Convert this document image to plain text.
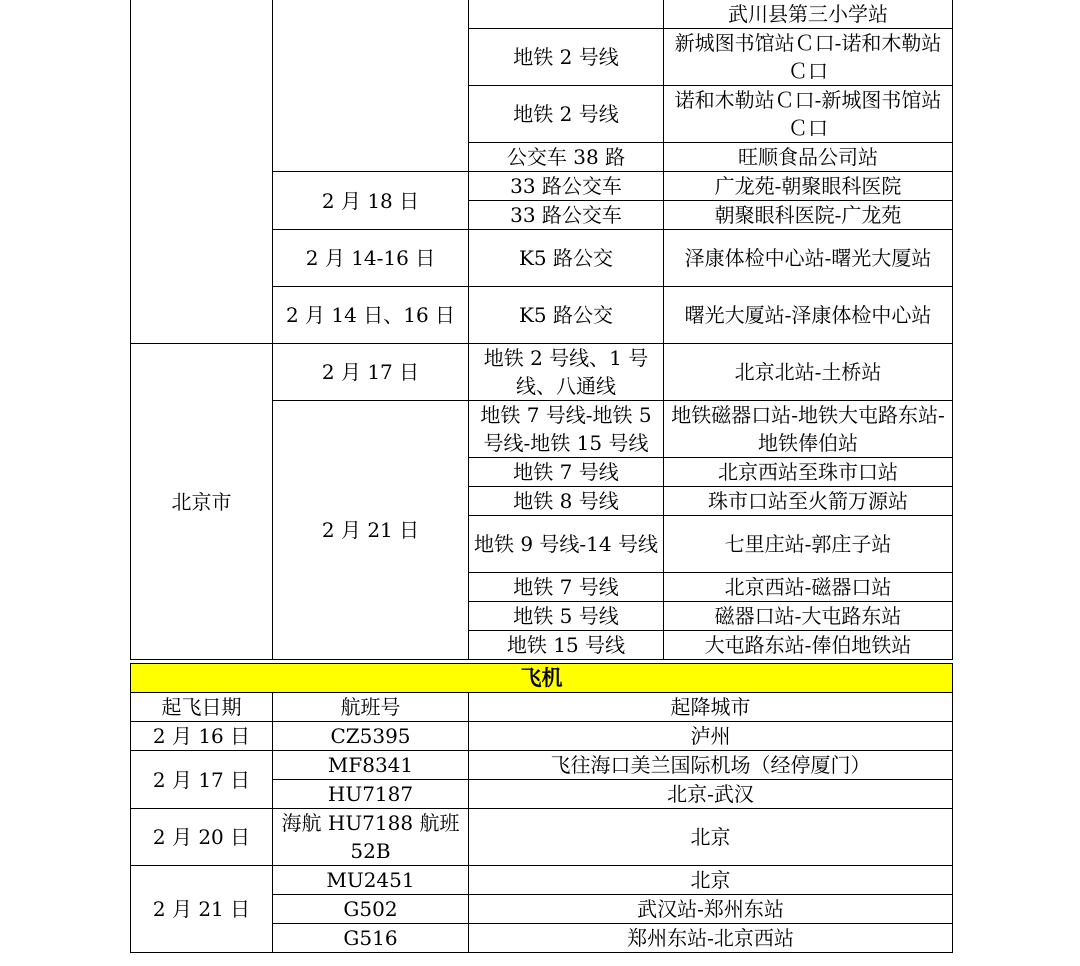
			武川县第三小学站
		地铁 2 号线	新城图书馆站Ｃ口-诺和木勒站Ｃ口
		地铁 2 号线	诺和木勒站Ｃ口-新城图书馆站Ｃ口
		公交车 38 路	旺顺食品公司站
	2 月 18 日	33 路公交车	广龙苑-朝聚眼科医院
		33 路公交车	朝聚眼科医院-广龙苑
	2 月 14-16 日	K5 路公交	泽康体检中心站-曙光大厦站
	2 月 14 日、16 日	K5 路公交	曙光大厦站-泽康体检中心站
北京市	2 月 17 日	地铁 2 号线、1 号线、八通线	北京北站-土桥站
	2 月 21 日	地铁 7 号线-地铁 5 号线-地铁 15 号线	地铁磁器口站-地铁大屯路东站-地铁俸伯站
		地铁 7 号线	北京西站至珠市口站
		地铁 8 号线	珠市口站至火箭万源站
		地铁 9 号线-14 号线	七里庄站-郭庄子站
		地铁 7 号线	北京西站-磁器口站
		地铁 5 号线	磁器口站-大屯路东站
		地铁 15 号线	大屯路东站-俸伯地铁站
飞机		
起飞日期	航班号	起降城市
2 月 16 日	CZ5395	泸州
2 月 17 日	MF8341	飞往海口美兰国际机场（经停厦门）
	HU7187	北京-武汉
2 月 20 日	海航 HU7188 航班 52B	北京
2 月 21 日	MU2451	北京
	G502	武汉站-郑州东站
	G516	郑州东站-北京西站
